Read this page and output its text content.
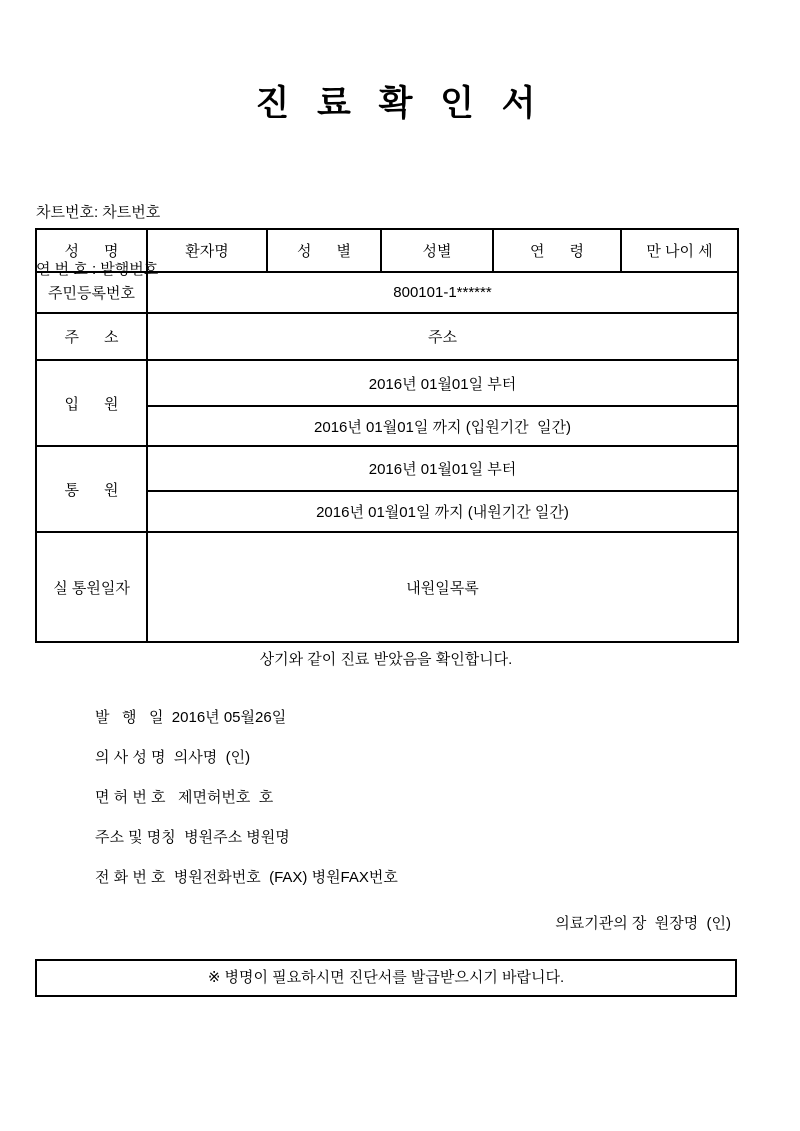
진 료 확 인 서

차트번호: 차트번호

연 번 호 : 발행번호

성      명	환자명	성      별	성별	연      령	만 나이 세
주민등록번호	800101-1******				
주      소	주소				
입      원	2016년 01월01일 부터				
	2016년 01월01일 까지 (입원기간  일간)				
통      원	2016년 01월01일 부터				
	2016년 01월01일 까지 (내원기간 일간)				
실 통원일자	내원일목록				
상기와 같이 진료 받았음을 확인합니다.
발   행   일  2016년 05월26일
의 사 성 명  의사명  (인)
면 허 번 호   제면허번호  호
주소 및 명칭  병원주소 병원명
전 화 번 호  병원전화번호  (FAX) 병원FAX번호
의료기관의 장  원장명  (인)
※ 병명이 필요하시면 진단서를 발급받으시기 바랍니다.
